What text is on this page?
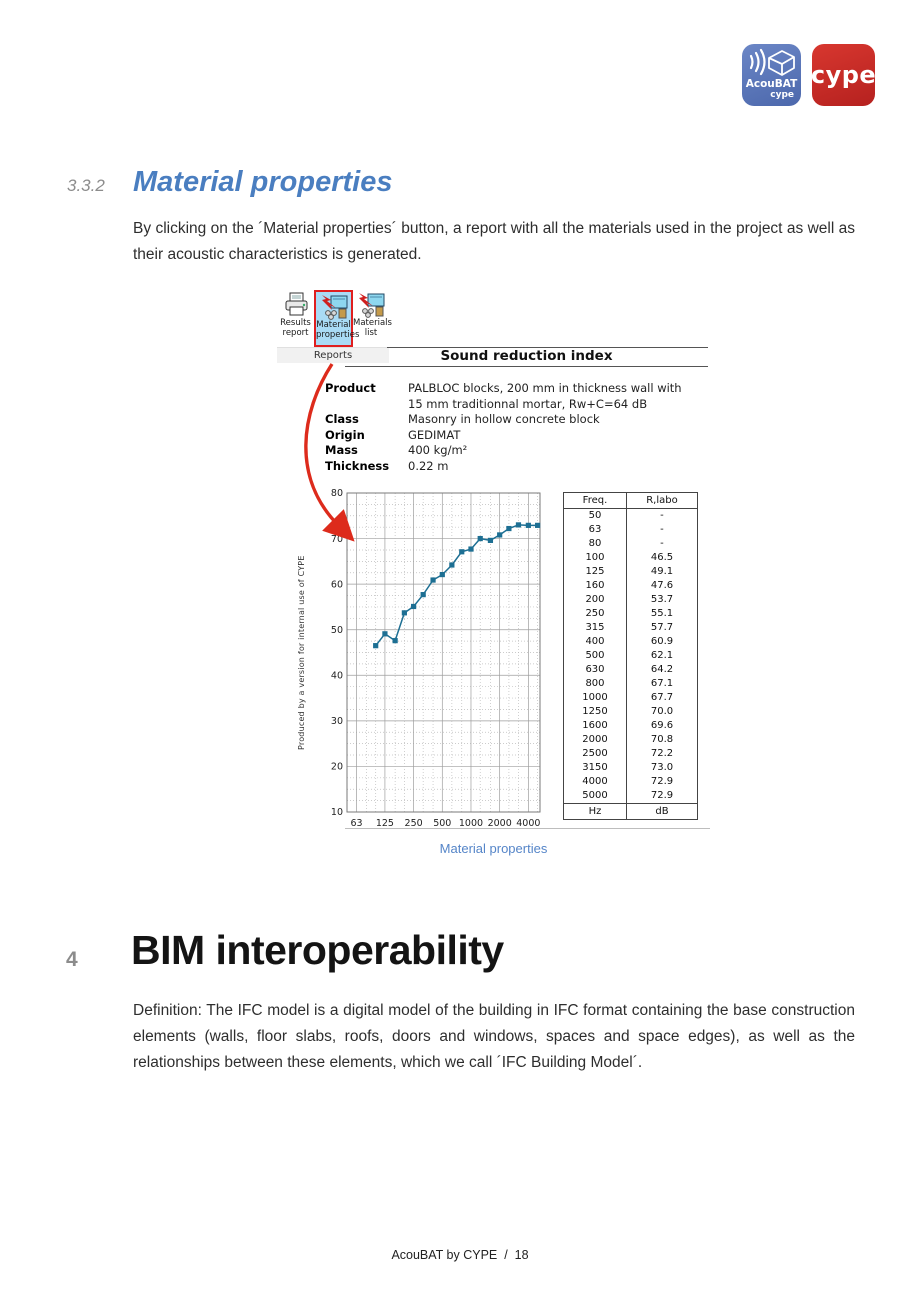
AcouBAT
cype
cype
3.3.2 Material properties

By clicking on the ´Material properties´ button, a report with all the materials used in the project as well as their acoustic characteristics is generated.

Results
report
Material
properties
Materials
list
Reports	Sound reduction index
Product	PALBLOC blocks, 200 mm in thickness wall with 15 mm traditionnal mortar, Rw+C=64 dB
Class	Masonry in hollow concrete block
Origin	GEDIMAT
Mass	400 kg/m²
Thickness	0.22 m
Produced by a version for internal use of CYPE
63 125 250 500 1000 2000 4000
10
20
30
40
50
60
70
80
Freq.	R,labo
50	-
63	-
80	-
100	46.5
125	49.1
160	47.6
200	53.7
250	55.1
315	57.7
400	60.9
500	62.1
630	64.2
800	67.1
1000	67.7
1250	70.0
1600	69.6
2000	70.8
2500	72.2
3150	73.0
4000	72.9
5000	72.9
Hz	dB
Material properties
4 BIM interoperability

Definition: The IFC model is a digital model of the building in IFC format containing the base construction elements (walls, floor slabs, roofs, doors and windows, spaces and space edges), as well as the relationships between these elements, which we call ´IFC Building Model´.

AcouBAT by CYPE  /  18
